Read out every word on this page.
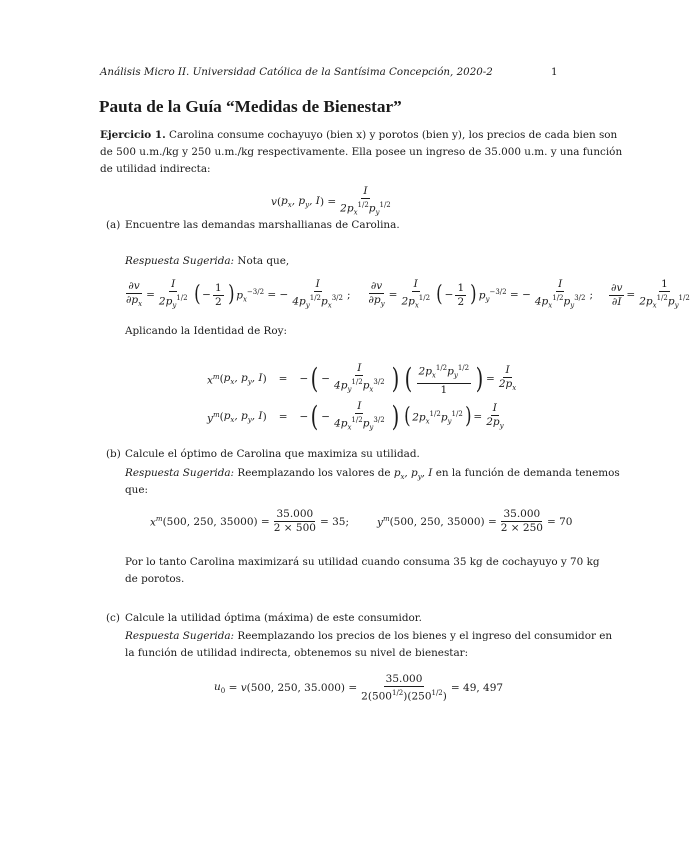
Análisis Micro II. Universidad Católica de la Santísima Concepción, 2020-2	1
Pauta de la Guía “Medidas de Bienestar”
Ejercicio 1. Carolina consume cochayuyo (bien x) y porotos (bien y), los precios de cada bien son
de 500 u.m./kg y 250 u.m./kg respectivamente. Ella posee un ingreso de 35.000 u.m. y una función
de utilidad indirecta:
v ( $p_x$, $p_y$, I ) = $\frac{I}{2p_x^{1/2}p_y^{1/2}}$
(a) Encuentre las demandas marshallianas de Carolina.
Respuesta Sugerida: Nota que,
$\frac{\partial v}{\partial p_x} = \frac{I}{2p_y^{1/2}}$ ( − $\frac{1}{2}$ ) $p_x^{-3/2}$ = − $\frac{I}{4p_y^{1/2}p_x^{3/2}}$ ; $\frac{\partial v}{\partial p_y} = \frac{I}{2p_x^{1/2}}$ ( − $\frac{1}{2}$ ) $p_y^{-3/2}$ = − $\frac{I}{4p_x^{1/2}p_y^{3/2}}$ ; $\frac{\partial v}{\partial I} = \frac{1}{2p_x^{1/2}p_y^{1/2}}$
Aplicando la Identidad de Roy:
$x^m$ ( $p_x$, $p_y$, I ) = − ( − $\frac{I}{4p_y^{1/2}p_x^{3/2}}$ ) ( $\frac{2p_x^{1/2}p_y^{1/2}}{1}$ ) = $\frac{I}{2p_x}$
$y^m$ ( $p_x$, $p_y$, I ) = − ( − $\frac{I}{4p_x^{1/2}p_y^{3/2}}$ ) ( $2p_x^{1/2}p_y^{1/2}$ ) = $\frac{I}{2p_y}$
(b) Calcule el óptimo de Carolina que maximiza su utilidad.
Respuesta Sugerida: Reemplazando los valores de $p_x$, $p_y$, I en la función de demanda tenemos
que:
$x^m$ (500, 250, $35000) = \frac{35.000}{2 \times 500} = 35$ ;	$y^m$ (500, 250, $35000) = \frac{35.000}{2 \times 250} = 70$
Por lo tanto Carolina maximizará su utilidad cuando consuma 35 kg de cochayuyo y 70 kg
de porotos.
(c) Calcule la utilidad óptima (máxima) de este consumidor.
Respuesta Sugerida: Reemplazando los precios de los bienes y el ingreso del consumidor en
la función de utilidad indirecta, obtenemos su nivel de bienestar:
$u_0 = v$ (500, 250, $35.000) = \frac{35.000}{2(500^{1/2})(250^{1/2})} = 49$, 497
